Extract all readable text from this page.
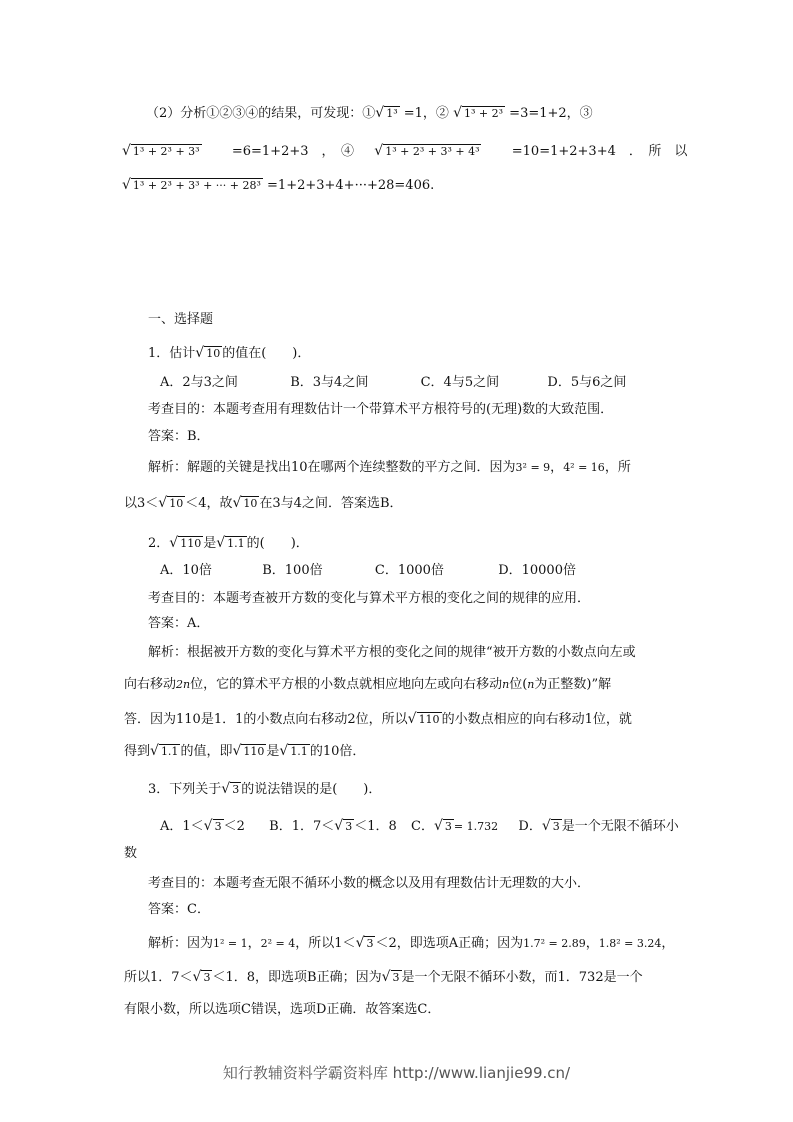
（2）分析①②③④的结果，可发现：①√ 1³ =1，② √ 1³ + 2³ =3=1+2，③
√ 1³ + 2³ + 3³ =6=1+2+3　，　④ √ 1³ + 2³ + 3³ + 4³ =10=1+2+3+4　．　所　以
√ 1³ + 2³ + 3³ + ··· + 28³ =1+2+3+4+···+28=406.
一、选择题
1．估计√ 10 的值在(　　)．
A．2与3之间	B．3与4之间	C．4与5之间	D．5与6之间
考查目的：本题考查用有理数估计一个带算术平方根符号的(无理)数的大致范围．
答案：B．
解析：解题的关键是找出10在哪两个连续整数的平方之间．因为3² = 9，4² = 16，所
以3＜√ 10 ＜4，故√ 10 在3与4之间．答案选B．
2．√ 110 是√ 1.1 的(　　)．
A．10倍	B．100倍	C．1000倍	D．10000倍
考查目的：本题考查被开方数的变化与算术平方根的变化之间的规律的应用．
答案：A．
解析：根据被开方数的变化与算术平方根的变化之间的规律“被开方数的小数点向左或
向右移动2n位，它的算术平方根的小数点就相应地向左或向右移动n位(n为正整数)”解
答．因为110是1．1的小数点向右移动2位，所以√ 110 的小数点相应的向右移动1位，就
得到√ 1.1 的值，即√ 110 是√ 1.1 的10倍．
3．下列关于√ 3 的说法错误的是(　　)．
A．1＜√ 3 ＜2 B．1．7＜√ 3 ＜1．8 C．√ 3 = 1.732 D．√ 3 是一个无限不循环小
数
考查目的：本题考查无限不循环小数的概念以及用有理数估计无理数的大小．
答案：C．
解析：因为1² = 1，2² = 4，所以1＜√ 3 ＜2，即选项A正确；因为1.7² = 2.89，1.8² = 3.24，
所以1．7＜√ 3 ＜1．8，即选项B正确；因为√ 3 是一个无限不循环小数，而1．732是一个
有限小数，所以选项C错误，选项D正确．故答案选C．
知行教辅资料学霸资料库 http://www.lianjie99.cn/
